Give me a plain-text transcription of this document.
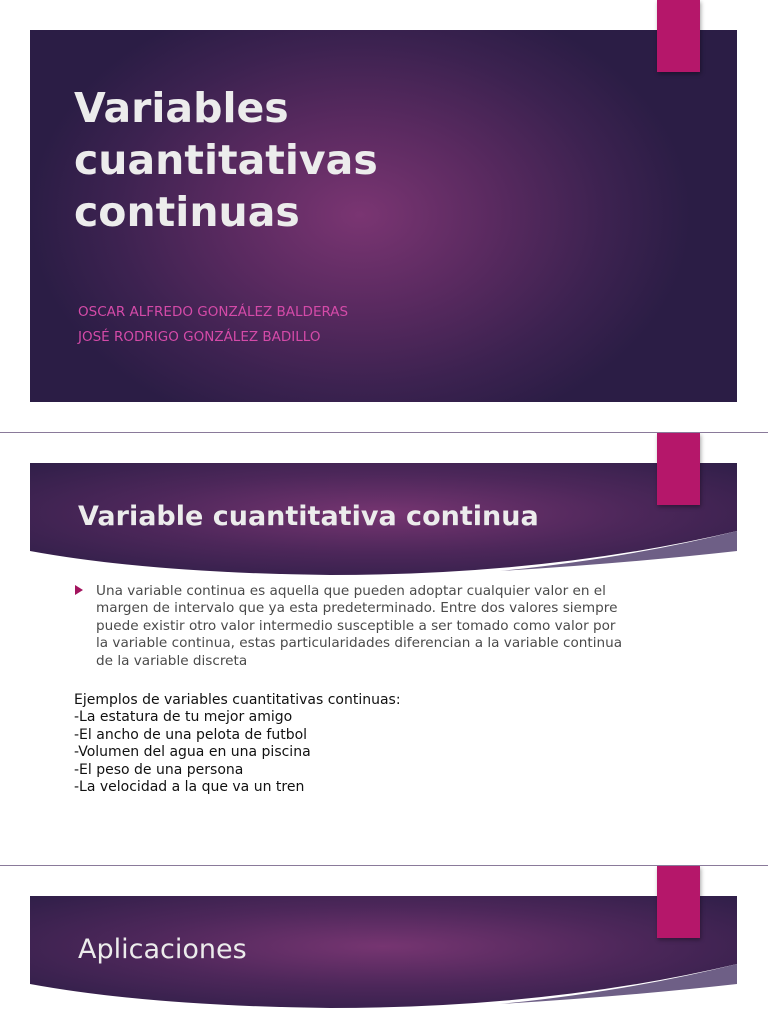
Variables
cuantitativas
continuas
OSCAR ALFREDO GONZÁLEZ BALDERAS
JOSÉ RODRIGO GONZÁLEZ BADILLO
Variable cuantitativa continua
Una variable continua es aquella que pueden adoptar cualquier valor en el margen de intervalo que ya esta predeterminado. Entre dos valores siempre puede existir otro valor intermedio susceptible a ser tomado como valor por la variable continua, estas particularidades diferencian a la variable continua de la variable discreta
Ejemplos de variables cuantitativas continuas:
-La estatura de tu mejor amigo
-El ancho de una pelota de futbol
-Volumen del agua en una piscina
-El peso de una persona
-La velocidad a la que va un tren
Aplicaciones
